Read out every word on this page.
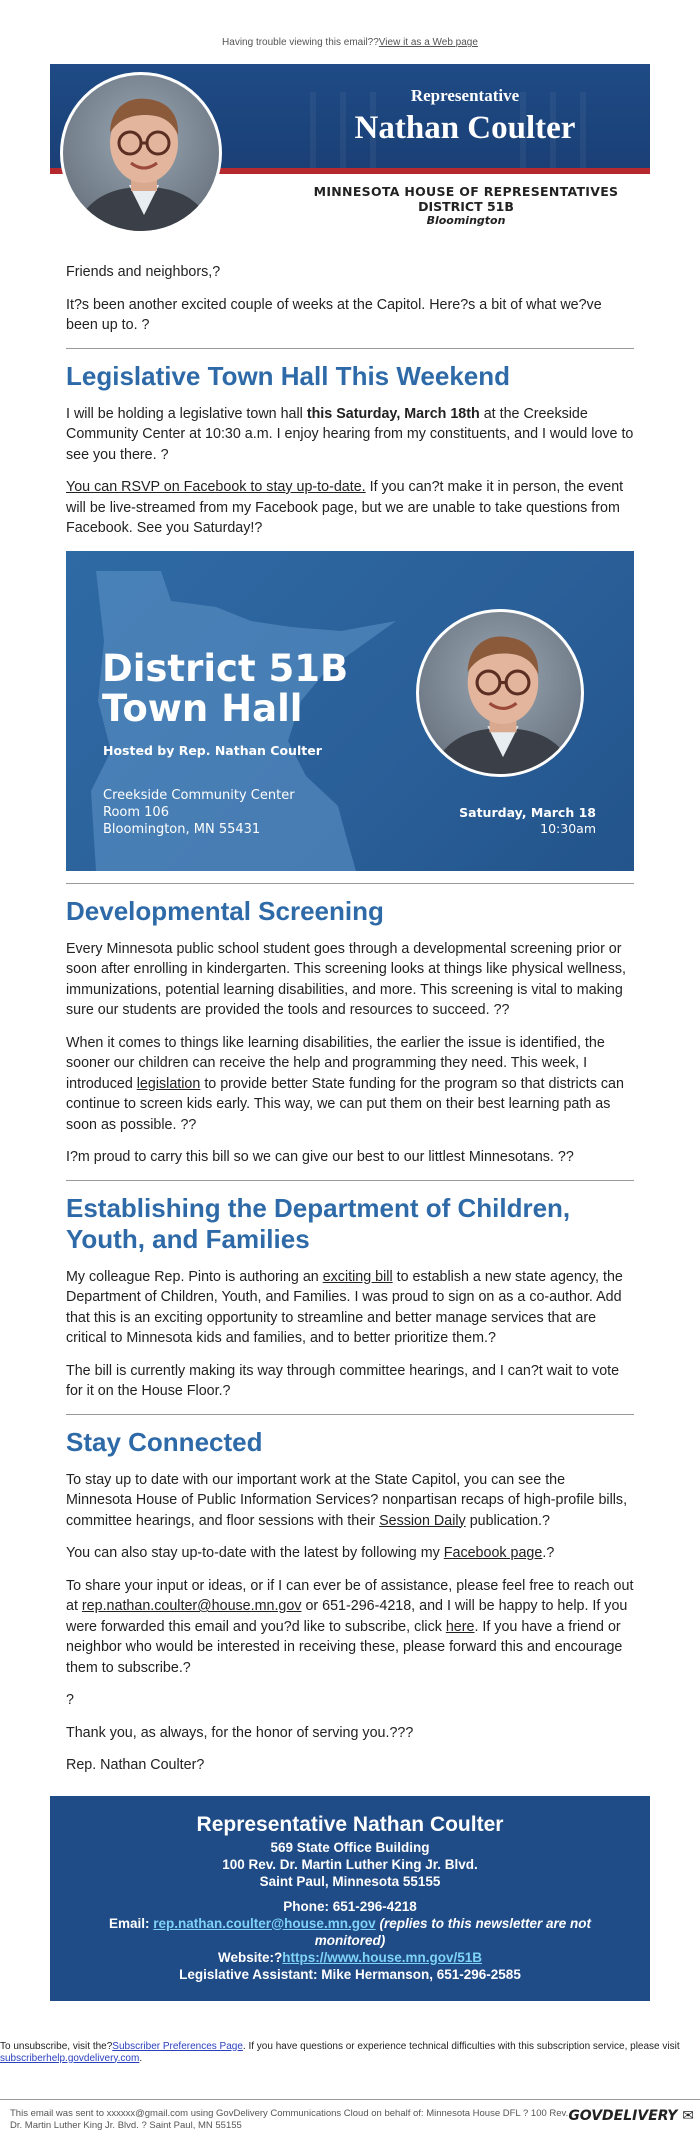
Having trouble viewing this email??View it as a Web page
Representative
Nathan Coulter
MINNESOTA HOUSE OF REPRESENTATIVES
DISTRICT 51B
Bloomington

Friends and neighbors,?

It?s been another excited couple of weeks at the Capitol. Here?s a bit of what we?ve been up to. ?

Legislative Town Hall This Weekend

I will be holding a legislative town hall this Saturday, March 18th at the Creekside Community Center at 10:30 a.m. I enjoy hearing from my constituents, and I would love to see you there. ?

You can RSVP on Facebook to stay up-to-date. If you can?t make it in person, the event will be live-streamed from my Facebook page, but we are unable to take questions from Facebook. See you Saturday!?

District 51B
Town Hall
Hosted by Rep. Nathan Coulter
Creekside Community Center
Room 106
Bloomington, MN 55431
Saturday, March 18
10:30am
Developmental Screening

Every Minnesota public school student goes through a developmental screening prior or soon after enrolling in kindergarten. This screening looks at things like physical wellness, immunizations, potential learning disabilities, and more. This screening is vital to making sure our students are provided the tools and resources to succeed. ??

When it comes to things like learning disabilities, the earlier the issue is identified, the sooner our children can receive the help and programming they need. This week, I introduced legislation to provide better State funding for the program so that districts can continue to screen kids early. This way, we can put them on their best learning path as soon as possible. ??

I?m proud to carry this bill so we can give our best to our littlest Minnesotans. ??

Establishing the Department of Children, Youth, and Families

My colleague Rep. Pinto is authoring an exciting bill to establish a new state agency, the Department of Children, Youth, and Families. I was proud to sign on as a co-author. Add that this is an exciting opportunity to streamline and better manage services that are critical to Minnesota kids and families, and to better prioritize them.?

The bill is currently making its way through committee hearings, and I can?t wait to vote for it on the House Floor.?

Stay Connected

To stay up to date with our important work at the State Capitol, you can see the Minnesota House of Public Information Services? nonpartisan recaps of high-profile bills, committee hearings, and floor sessions with their Session Daily publication.?

You can also stay up-to-date with the latest by following my Facebook page.?

To share your input or ideas, or if I can ever be of assistance, please feel free to reach out at rep.nathan.coulter@house.mn.gov or 651-296-4218, and I will be happy to help. If you were forwarded this email and you?d like to subscribe, click here. If you have a friend or neighbor who would be interested in receiving these, please forward this and encourage them to subscribe.?

?

Thank you, as always, for the honor of serving you.???

Rep. Nathan Coulter?

Representative Nathan Coulter
569 State Office Building
100 Rev. Dr. Martin Luther King Jr. Blvd.
Saint Paul, Minnesota 55155
Phone: 651-296-4218
Email: rep.nathan.coulter@house.mn.gov (replies to this newsletter are not monitored)
Website:?https://www.house.mn.gov/51B
Legislative Assistant: Mike Hermanson, 651-296-2585
To unsubscribe, visit the?Subscriber Preferences Page. If you have questions or experience technical difficulties with this subscription service, please visit subscriberhelp.govdelivery.com.
This email was sent to xxxxxx@gmail.com using GovDelivery Communications Cloud on behalf of: Minnesota House DFL ? 100 Rev. Dr. Martin Luther King Jr. Blvd. ? Saint Paul, MN 55155
GOVDELIVERY ✉
